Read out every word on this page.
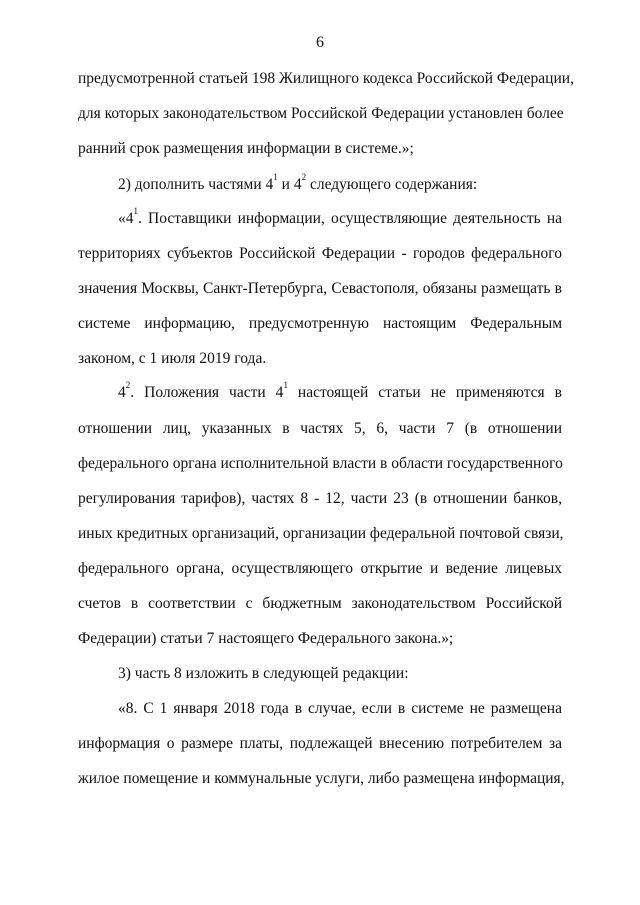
6
предусмотренной статьей 198 Жилищного кодекса Российской Федерации,
для которых законодательством Российской Федерации установлен более
ранний срок размещения информации в системе.»;
2) дополнить частями $4^1$ и $4^2$ следующего содержания:
«$4^1$. Поставщики информации, осуществляющие деятельность на
территориях субъектов Российской Федерации - городов федерального
значения Москвы, Санкт-Петербурга, Севастополя, обязаны размещать в
системе информацию, предусмотренную настоящим Федеральным
законом, с 1 июля 2019 года.
$4^2$. Положения части $4^1$ настоящей статьи не применяются в
отношении лиц, указанных в частях 5, 6, части 7 (в отношении
федерального органа исполнительной власти в области государственного
регулирования тарифов), частях 8 - 12, части 23 (в отношении банков,
иных кредитных организаций, организации федеральной почтовой связи,
федерального органа, осуществляющего открытие и ведение лицевых
счетов в соответствии с бюджетным законодательством Российской
Федерации) статьи 7 настоящего Федерального закона.»;
3) часть 8 изложить в следующей редакции:
«8. С 1 января 2018 года в случае, если в системе не размещена
информация о размере платы, подлежащей внесению потребителем за
жилое помещение и коммунальные услуги, либо размещена информация,
